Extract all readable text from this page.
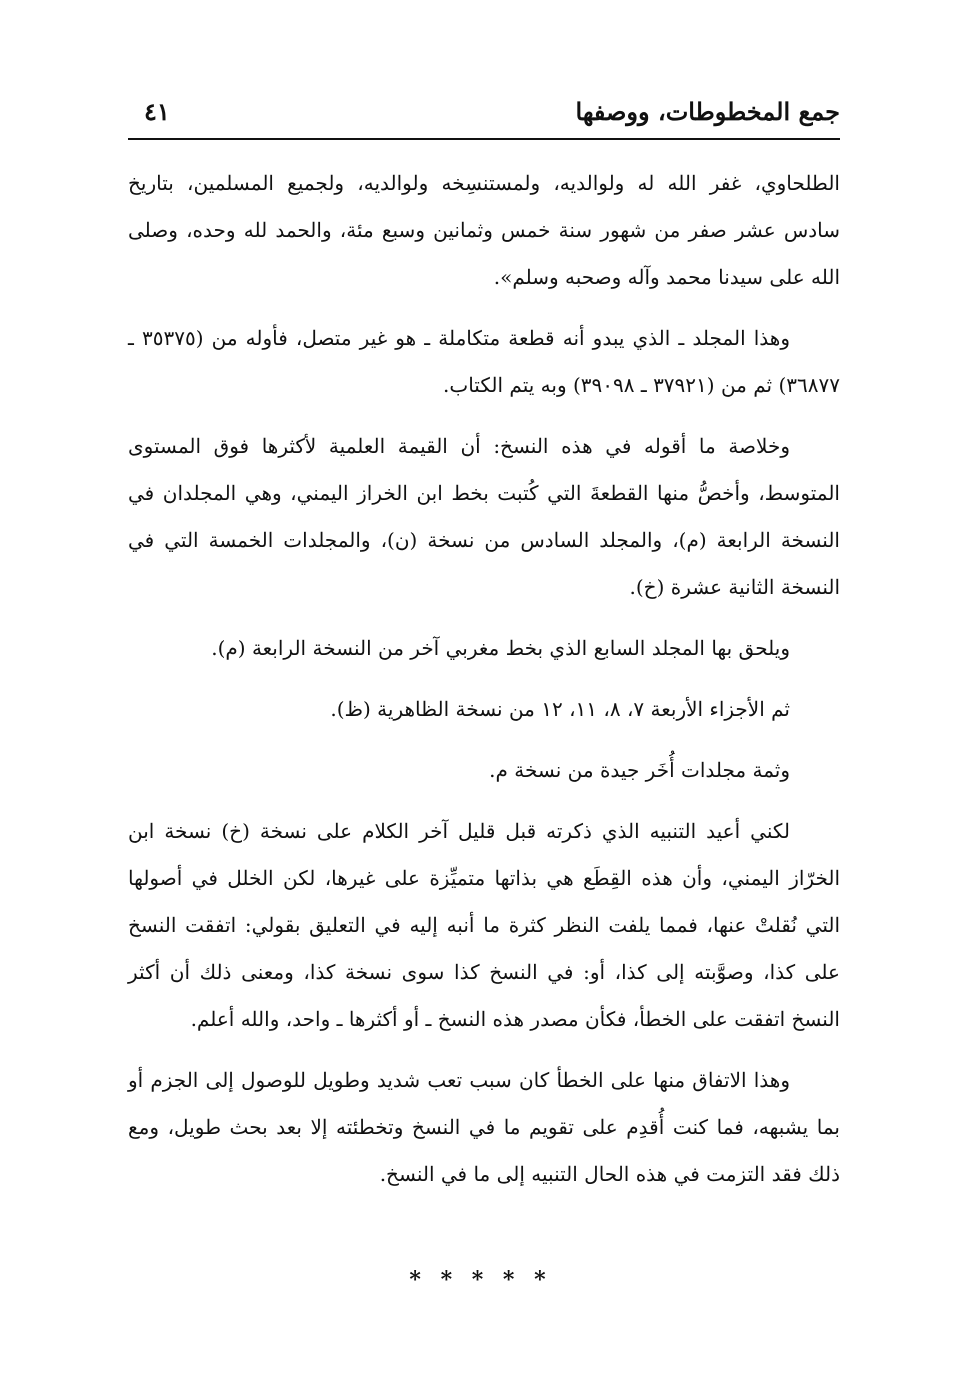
جمع المخطوطات، ووصفها
٤١

الطلحاوي، غفر الله له ولوالديه، ولمستنسِخه ولوالديه، ولجميع المسلمين، بتاريخ سادس عشر صفر من شهور سنة خمس وثمانين وسبع مئة، والحمد لله وحده، وصلى الله على سيدنا محمد وآله وصحبه وسلم».

وهذا المجلد ـ الذي يبدو أنه قطعة متكاملة ـ هو غير متصل، فأوله من (٣٥٣٧٥ ـ ٣٦٨٧٧) ثم من (٣٧٩٢١ ـ ٣٩٠٩٨) وبه يتم الكتاب.

وخلاصة ما أقوله في هذه النسخ: أن القيمة العلمية لأكثرها فوق المستوى المتوسط، وأخصُّ منها القطعةَ التي كُتبت بخط ابن الخراز اليمني، وهي المجلدان في النسخة الرابعة (م)، والمجلد السادس من نسخة (ن)، والمجلدات الخمسة التي في النسخة الثانية عشرة (خ).

ويلحق بها المجلد السابع الذي بخط مغربي آخر من النسخة الرابعة (م).

ثم الأجزاء الأربعة ٧، ٨، ١١، ١٢ من نسخة الظاهرية (ظ).

وثمة مجلدات أُخَر جيدة من نسخة م.

لكني أعيد التنبيه الذي ذكرته قبل قليل آخر الكلام على نسخة (خ) نسخة ابن الخرّاز اليمني، وأن هذه القِطَع هي بذاتها متميِّزة على غيرها، لكن الخلل في أصولها التي نُقلتْ عنها، فمما يلفت النظر كثرة ما أنبه إليه في التعليق بقولي: اتفقت النسخ على كذا، وصوَّبته إلى كذا، أو: في النسخ كذا سوى نسخة كذا، ومعنى ذلك أن أكثر النسخ اتفقت على الخطأ، فكأن مصدر هذه النسخ ـ أو أكثرها ـ واحد، والله أعلم.

وهذا الاتفاق منها على الخطأ كان سبب تعب شديد وطويل للوصول إلى الجزم أو بما يشبهه، فما كنت أُقدِم على تقويم ما في النسخ وتخطئته إلا بعد بحث طويل، ومع ذلك فقد التزمت في هذه الحال التنبيه إلى ما في النسخ.

* * * * *
